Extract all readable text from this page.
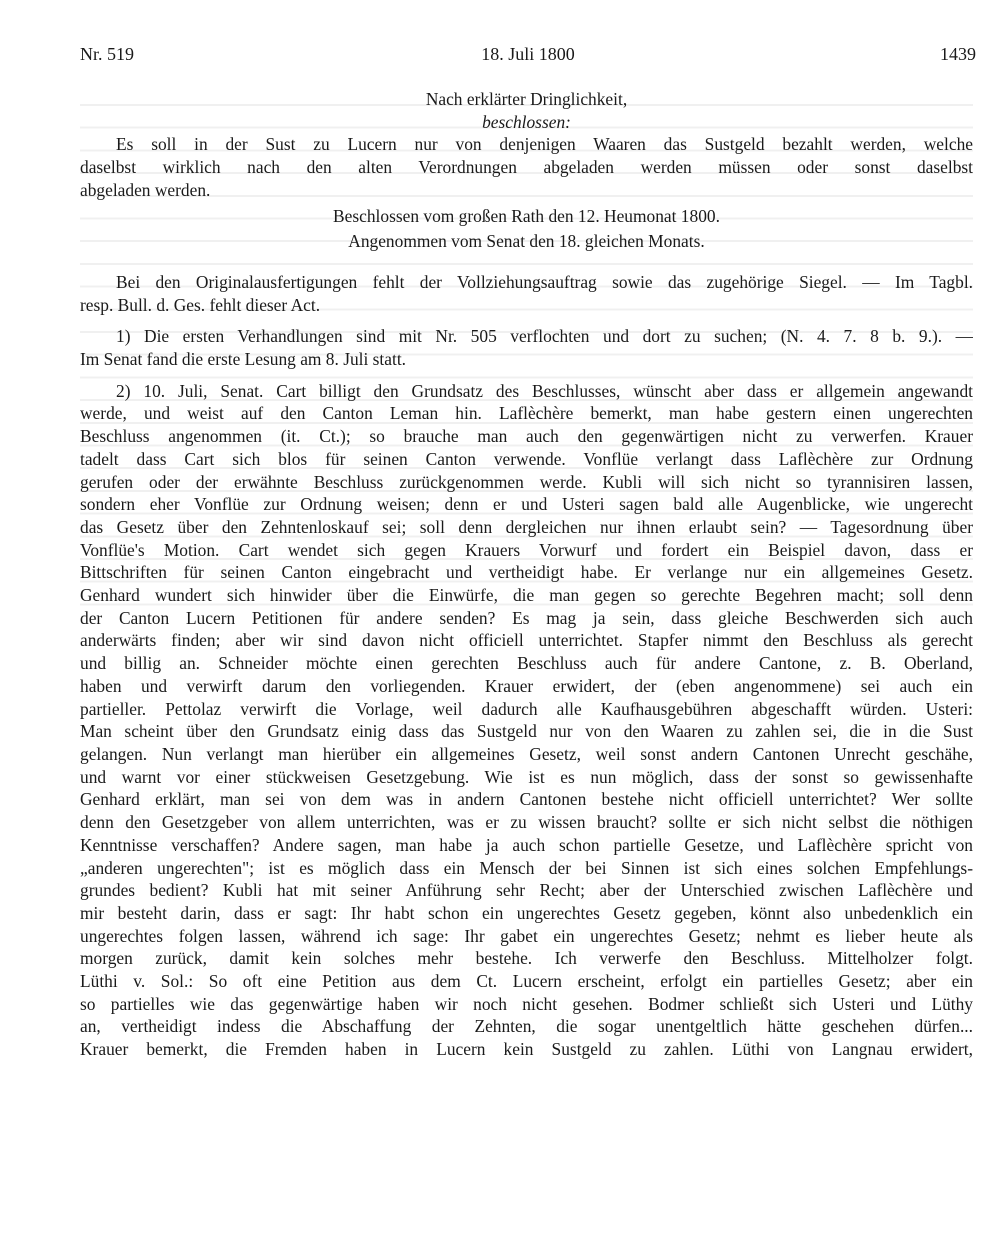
Nr. 519	18. Juli 1800	1439
Nach erklärter Dringlichkeit,
beschlossen:
Es soll in der Sust zu Lucern nur von denjenigen Waaren das Sustgeld bezahlt werden, welche
daselbst wirklich nach den alten Verordnungen abgeladen werden müssen oder sonst daselbst
abgeladen werden.
Beschlossen vom großen Rath den 12. Heumonat 1800.
Angenommen vom Senat den 18. gleichen Monats.
Bei den Originalausfertigungen fehlt der Vollziehungsauftrag sowie das zugehörige Siegel. — Im Tagbl.
resp. Bull. d. Ges. fehlt dieser Act.
1) Die ersten Verhandlungen sind mit Nr. 505 verflochten und dort zu suchen; (N. 4. 7. 8 b. 9.). —
Im Senat fand die erste Lesung am 8. Juli statt.
2) 10. Juli, Senat. Cart billigt den Grundsatz des Beschlusses, wünscht aber dass er allgemein angewandt
werde, und weist auf den Canton Leman hin. Laflèchère bemerkt, man habe gestern einen ungerechten
Beschluss angenommen (it. Ct.); so brauche man auch den gegenwärtigen nicht zu verwerfen. Krauer
tadelt dass Cart sich blos für seinen Canton verwende. Vonflüe verlangt dass Laflèchère zur Ordnung
gerufen oder der erwähnte Beschluss zurückgenommen werde. Kubli will sich nicht so tyrannisiren lassen,
sondern eher Vonflüe zur Ordnung weisen; denn er und Usteri sagen bald alle Augenblicke, wie ungerecht
das Gesetz über den Zehntenloskauf sei; soll denn dergleichen nur ihnen erlaubt sein? — Tagesordnung über
Vonflüe's Motion. Cart wendet sich gegen Krauers Vorwurf und fordert ein Beispiel davon, dass er
Bittschriften für seinen Canton eingebracht und vertheidigt habe. Er verlange nur ein allgemeines Gesetz.
Genhard wundert sich hinwider über die Einwürfe, die man gegen so gerechte Begehren macht; soll denn
der Canton Lucern Petitionen für andere senden? Es mag ja sein, dass gleiche Beschwerden sich auch
anderwärts finden; aber wir sind davon nicht officiell unterrichtet. Stapfer nimmt den Beschluss als gerecht
und billig an. Schneider möchte einen gerechten Beschluss auch für andere Cantone, z. B. Oberland,
haben und verwirft darum den vorliegenden. Krauer erwidert, der (eben angenommene) sei auch ein
partieller. Pettolaz verwirft die Vorlage, weil dadurch alle Kaufhausgebühren abgeschafft würden. Usteri:
Man scheint über den Grundsatz einig dass das Sustgeld nur von den Waaren zu zahlen sei, die in die Sust
gelangen. Nun verlangt man hierüber ein allgemeines Gesetz, weil sonst andern Cantonen Unrecht geschähe,
und warnt vor einer stückweisen Gesetzgebung. Wie ist es nun möglich, dass der sonst so gewissenhafte
Genhard erklärt, man sei von dem was in andern Cantonen bestehe nicht officiell unterrichtet? Wer sollte
denn den Gesetzgeber von allem unterrichten, was er zu wissen braucht? sollte er sich nicht selbst die nöthigen
Kenntnisse verschaffen? Andere sagen, man habe ja auch schon partielle Gesetze, und Laflèchère spricht von
„anderen ungerechten"; ist es möglich dass ein Mensch der bei Sinnen ist sich eines solchen Empfehlungs-
grundes bedient? Kubli hat mit seiner Anführung sehr Recht; aber der Unterschied zwischen Laflèchère und
mir besteht darin, dass er sagt: Ihr habt schon ein ungerechtes Gesetz gegeben, könnt also unbedenklich ein
ungerechtes folgen lassen, während ich sage: Ihr gabet ein ungerechtes Gesetz; nehmt es lieber heute als
morgen zurück, damit kein solches mehr bestehe. Ich verwerfe den Beschluss. Mittelholzer folgt.
Lüthi v. Sol.: So oft eine Petition aus dem Ct. Lucern erscheint, erfolgt ein partielles Gesetz; aber ein
so partielles wie das gegenwärtige haben wir noch nicht gesehen. Bodmer schließt sich Usteri und Lüthy
an, vertheidigt indess die Abschaffung der Zehnten, die sogar unentgeltlich hätte geschehen dürfen...
Krauer bemerkt, die Fremden haben in Lucern kein Sustgeld zu zahlen. Lüthi von Langnau erwidert,
